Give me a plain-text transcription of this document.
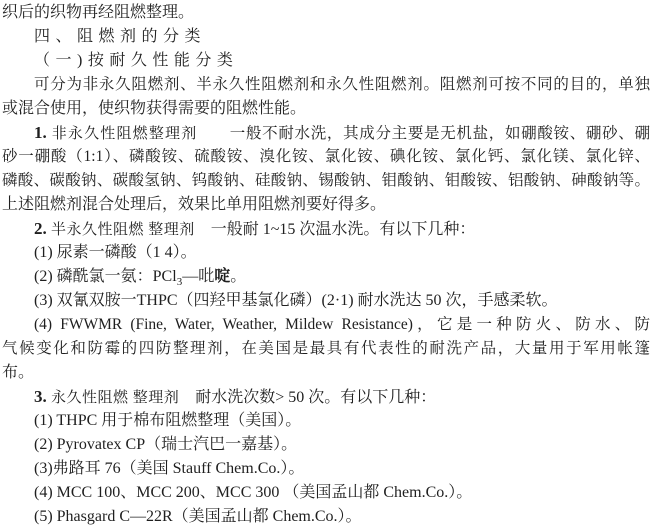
织后的织物再经阻燃整理。
四、阻燃剂的分类
（一)按耐久性能分类
可分为非永久阻燃剂、半永久性阻燃剂和永久性阻燃剂。阻燃剂可按不同的目的，单独
或混合使用，使织物获得需要的阻燃性能。
1. 非永久性阻燃整理剂　　一般不耐水洗，其成分主要是无机盐，如硼酸铵、硼砂、硼
砂一硼酸（1:1）、磷酸铵、硫酸铵、溴化铵、氯化铵、碘化铵、氯化钙、氯化镁、氯化锌、
磷酸、碳酸钠、碳酸氢钠、钨酸钠、硅酸钠、锡酸钠、钼酸钠、钼酸铵、铝酸钠、砷酸钠等。
上述阻燃剂混合处理后，效果比单用阻燃剂要好得多。
2. 半永久性阻燃 整理剂　一般耐 1~15 次温水洗。有以下几种：
(1) 尿素一磷酸（1 4）。
(2) 磷酰氯一氨：PCl$_3$—吡啶。
(3) 双氰双胺一THPC（四羟甲基氯化磷）(2·1) 耐水洗达 50 次，手感柔软。
(4) FWWMR (Fine, Water, Weather, Mildew Resistance)，它是一种防火、防水、防
气候变化和防霉的四防整理剂，在美国是最具有代表性的耐洗产品，大量用于军用帐篷
布。
3. 永久性阻燃 整理剂　耐水洗次数> 50 次。有以下几种：
(1) THPC 用于棉布阻燃整理（美国）。
(2) Pyrovatex CP（瑞士汽巴一嘉基）。
(3)弗路耳 76（美国 Stauff Chem.Co.）。
(4) MCC 100、MCC 200、MCC 300 （美国孟山都 Chem.Co.）。
(5) Phasgard C—22R（美国孟山都 Chem.Co.）。
